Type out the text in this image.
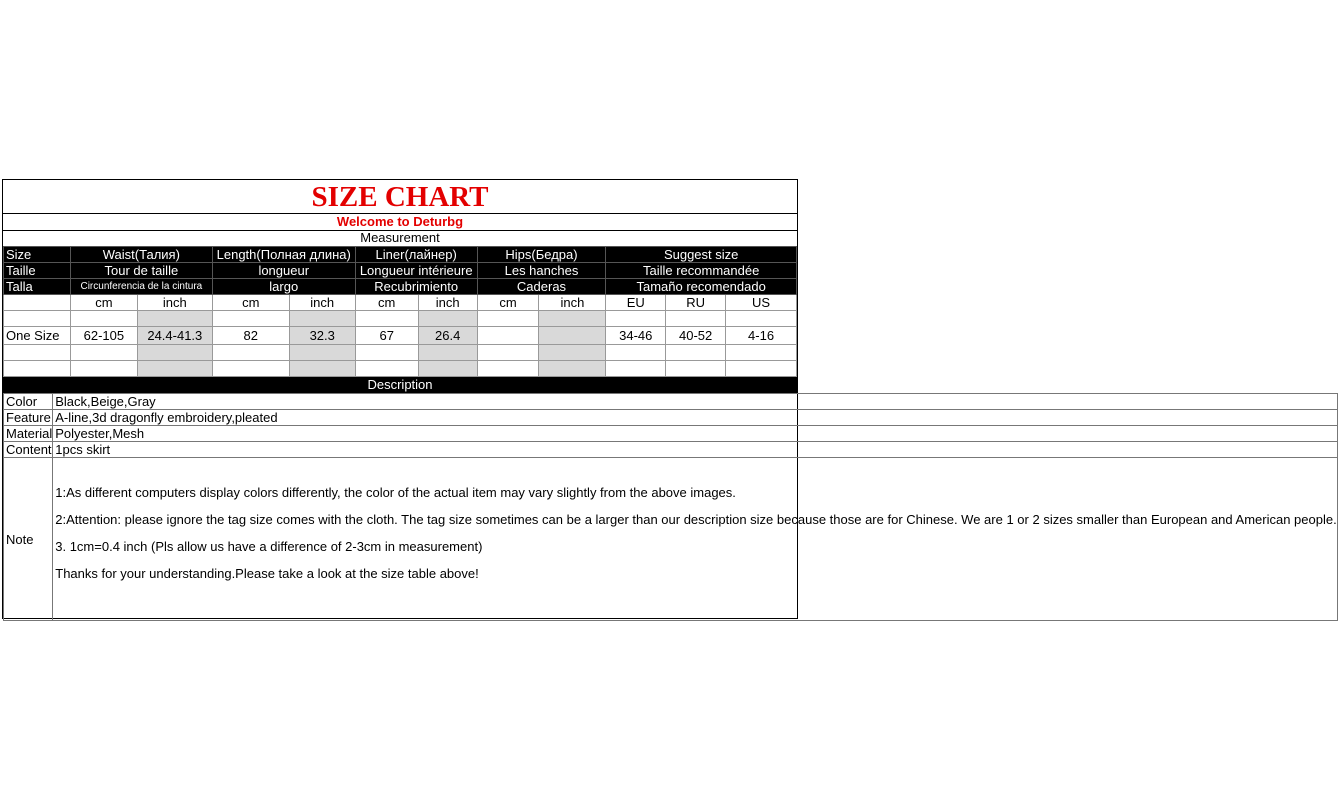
SIZE CHART
Welcome to Deturbg
Measurement
Size	Waist(Талия)		Length(Полная длина)		Liner(лайнер)		Hips(Бедра)		Suggest size		
Taille	Tour de taille		longueur		Longueur intérieure		Les hanches		Taille recommandée		
Talla	Circunferencia de la cintura		largo		Recubrimiento		Caderas		Tamaño recomendado		
	cm	inch	cm	inch	cm	inch	cm	inch	EU	RU	US

One Size	62-105	24.4-41.3	82	32.3	67	26.4			34-46	40-52	4-16

Description
Color	Black,Beige,Gray
Feature	A-line,3d dragonfly embroidery,pleated
Material	Polyester,Mesh
Content	1pcs skirt
Note	1:As different computers display colors differently, the color of the actual item may vary slightly from the above images.

2:Attention: please ignore the tag size comes with the cloth. The tag size sometimes can be a larger than our description size because those are for Chinese. We are 1 or 2 sizes smaller than European and American people.

3. 1cm=0.4 inch (Pls allow us have a difference of 2-3cm in measurement)

Thanks for your understanding.Please take a look at the size table above!
